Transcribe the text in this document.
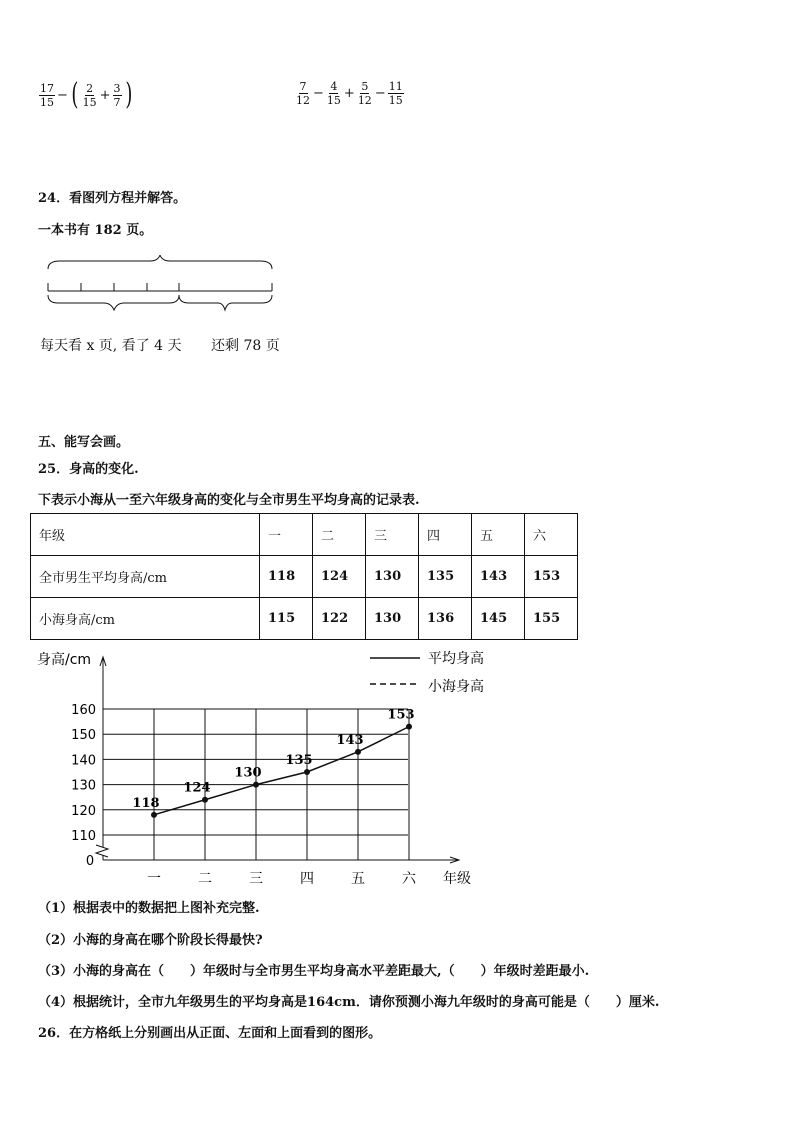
$\frac{17}{15}$ − ( $\frac{2}{15} + \frac{3}{7}$ )	$\frac{7}{12} - \frac{4}{15} + \frac{5}{12} - \frac{11}{15}$
24．看图列方程并解答。
一本书有 182 页。
每天看 x 页, 看了 4 天 还剩 78 页
五、能写会画。
25．身高的变化.
下表示小海从一至六年级身高的变化与全市男生平均身高的记录表.
年级	一	二	三	四	五	六
全市男生平均身高/cm	118	124	130	135	143	153
小海身高/cm	115	122	130	136	145	155
0
110
120
130
140
150
160
一	二	三	四	五	六 年级
身高/cm	平均身高
小海身高
118
124
130
135
143
153
（1）根据表中的数据把上图补充完整.
（2）小海的身高在哪个阶段长得最快?
（3）小海的身高在（　　）年级时与全市男生平均身高水平差距最大,（　　）年级时差距最小.
（4）根据统计，全市九年级男生的平均身高是164cm．请你预测小海九年级时的身高可能是（　　）厘米.
26．在方格纸上分别画出从正面、左面和上面看到的图形。
